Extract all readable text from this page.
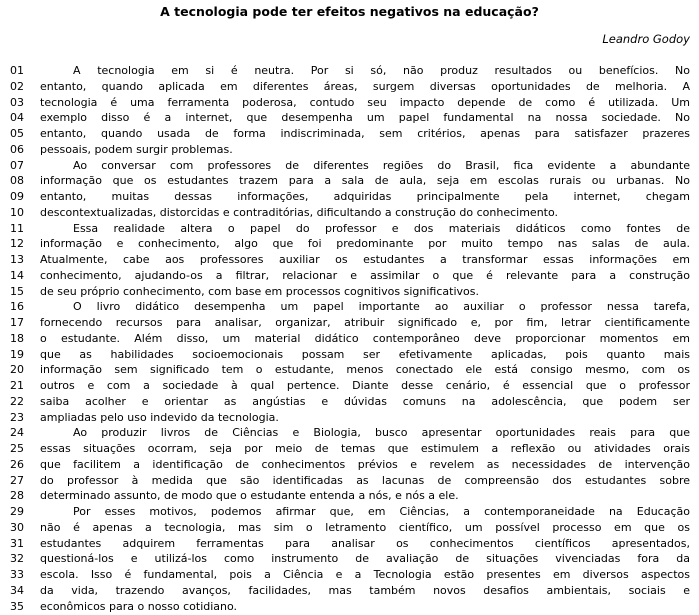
A tecnologia pode ter efeitos negativos na educação?
Leandro Godoy
01	A tecnologia em si é neutra. Por si só, não produz resultados ou benefícios. No
02	entanto, quando aplicada em diferentes áreas, surgem diversas oportunidades de melhoria. A
03	tecnologia é uma ferramenta poderosa, contudo seu impacto depende de como é utilizada. Um
04	exemplo disso é a internet, que desempenha um papel fundamental na nossa sociedade. No
05	entanto, quando usada de forma indiscriminada, sem critérios, apenas para satisfazer prazeres
06	pessoais, podem surgir problemas.
07	Ao conversar com professores de diferentes regiões do Brasil, fica evidente a abundante
08	informação que os estudantes trazem para a sala de aula, seja em escolas rurais ou urbanas. No
09	entanto, muitas dessas informações, adquiridas principalmente pela internet, chegam
10	descontextualizadas, distorcidas e contraditórias, dificultando a construção do conhecimento.
11	Essa realidade altera o papel do professor e dos materiais didáticos como fontes de
12	informação e conhecimento, algo que foi predominante por muito tempo nas salas de aula.
13	Atualmente, cabe aos professores auxiliar os estudantes a transformar essas informações em
14	conhecimento, ajudando-os a filtrar, relacionar e assimilar o que é relevante para a construção
15	de seu próprio conhecimento, com base em processos cognitivos significativos.
16	O livro didático desempenha um papel importante ao auxiliar o professor nessa tarefa,
17	fornecendo recursos para analisar, organizar, atribuir significado e, por fim, letrar cientificamente
18	o estudante. Além disso, um material didático contemporâneo deve proporcionar momentos em
19	que as habilidades socioemocionais possam ser efetivamente aplicadas, pois quanto mais
20	informação sem significado tem o estudante, menos conectado ele está consigo mesmo, com os
21	outros e com a sociedade à qual pertence. Diante desse cenário, é essencial que o professor
22	saiba acolher e orientar as angústias e dúvidas comuns na adolescência, que podem ser
23	ampliadas pelo uso indevido da tecnologia.
24	Ao produzir livros de Ciências e Biologia, busco apresentar oportunidades reais para que
25	essas situações ocorram, seja por meio de temas que estimulem a reflexão ou atividades orais
26	que facilitem a identificação de conhecimentos prévios e revelem as necessidades de intervenção
27	do professor à medida que são identificadas as lacunas de compreensão dos estudantes sobre
28	determinado assunto, de modo que o estudante entenda a nós, e nós a ele.
29	Por esses motivos, podemos afirmar que, em Ciências, a contemporaneidade na Educação
30	não é apenas a tecnologia, mas sim o letramento científico, um possível processo em que os
31	estudantes adquirem ferramentas para analisar os conhecimentos científicos apresentados,
32	questioná-los e utilizá-los como instrumento de avaliação de situações vivenciadas fora da
33	escola. Isso é fundamental, pois a Ciência e a Tecnologia estão presentes em diversos aspectos
34	da vida, trazendo avanços, facilidades, mas também novos desafios ambientais, sociais e
35	econômicos para o nosso cotidiano.
